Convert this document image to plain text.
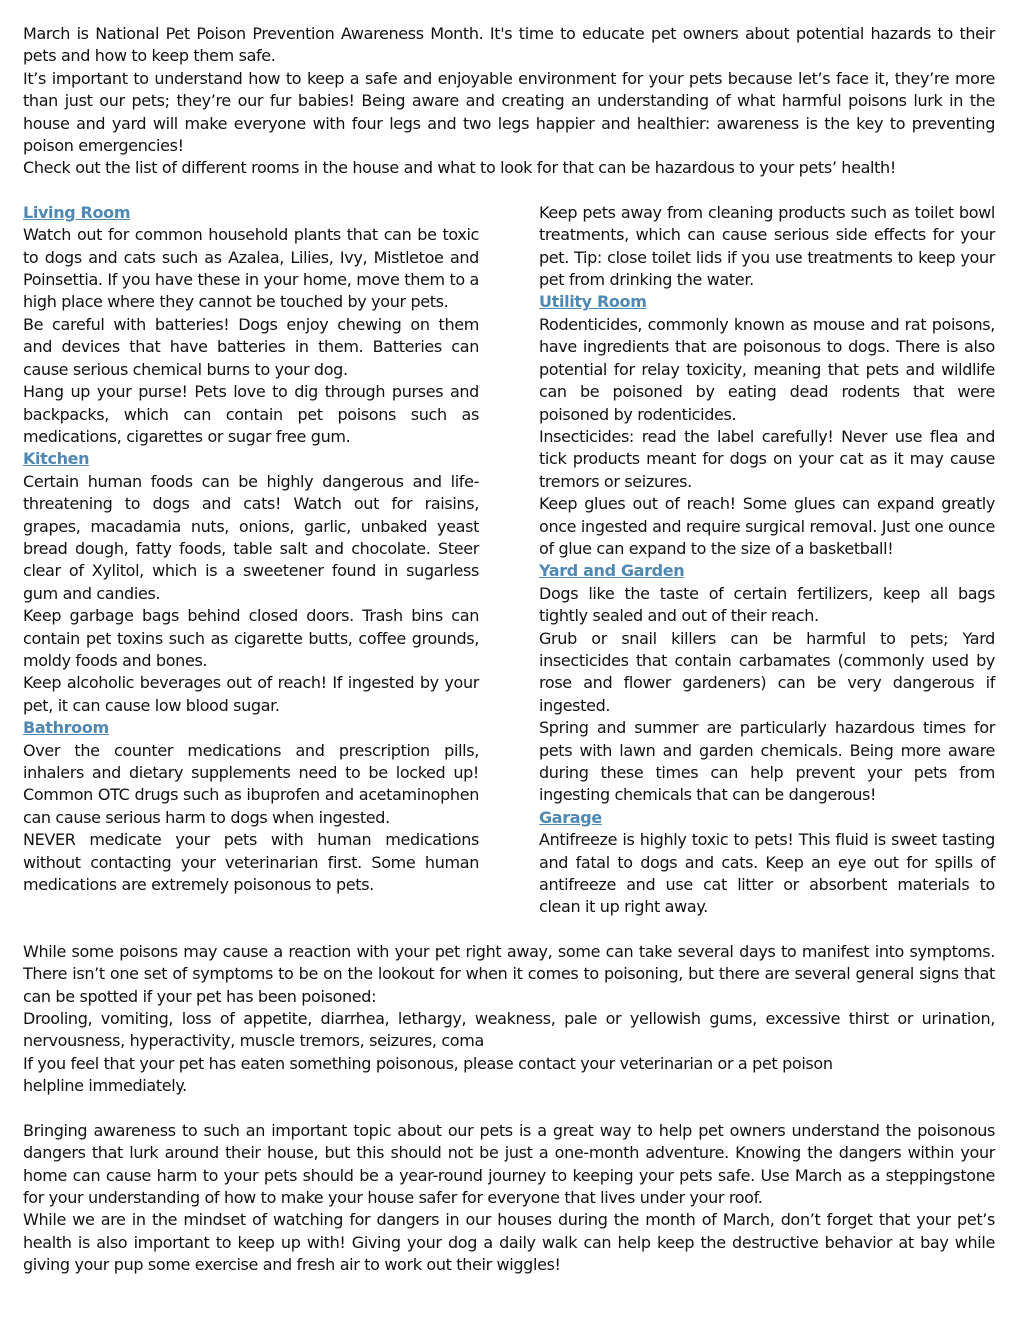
March is National Pet Poison Prevention Awareness Month. It's time to educate pet owners about potential hazards to their pets and how to keep them safe.

It’s important to understand how to keep a safe and enjoyable environment for your pets because let’s face it, they’re more than just our pets; they’re our fur babies! Being aware and creating an understanding of what harmful poisons lurk in the house and yard will make everyone with four legs and two legs happier and healthier: awareness is the key to preventing poison emergencies!

Check out the list of different rooms in the house and what to look for that can be hazardous to your pets’ health!

Living Room

Watch out for common household plants that can be toxic to dogs and cats such as Azalea, Lilies, Ivy, Mistletoe and Poinsettia. If you have these in your home, move them to a high place where they cannot be touched by your pets.

Be careful with batteries! Dogs enjoy chewing on them and devices that have batteries in them. Batteries can cause serious chemical burns to your dog.

Hang up your purse! Pets love to dig through purses and backpacks, which can contain pet poisons such as medications, cigarettes or sugar free gum.

Kitchen

Certain human foods can be highly dangerous and life-threatening to dogs and cats! Watch out for raisins, grapes, macadamia nuts, onions, garlic, unbaked yeast bread dough, fatty foods, table salt and chocolate. Steer clear of Xylitol, which is a sweetener found in sugarless gum and candies.

Keep garbage bags behind closed doors. Trash bins can contain pet toxins such as cigarette butts, coffee grounds, moldy foods and bones.

Keep alcoholic beverages out of reach! If ingested by your pet, it can cause low blood sugar.

Bathroom

Over the counter medications and prescription pills, inhalers and dietary supplements need to be locked up! Common OTC drugs such as ibuprofen and acetaminophen can cause serious harm to dogs when ingested.

NEVER medicate your pets with human medications without contacting your veterinarian first. Some human medications are extremely poisonous to pets.

Keep pets away from cleaning products such as toilet bowl treatments, which can cause serious side effects for your pet. Tip: close toilet lids if you use treatments to keep your pet from drinking the water.

Utility Room

Rodenticides, commonly known as mouse and rat poisons, have ingredients that are poisonous to dogs. There is also potential for relay toxicity, meaning that pets and wildlife can be poisoned by eating dead rodents that were poisoned by rodenticides.

Insecticides: read the label carefully! Never use flea and tick products meant for dogs on your cat as it may cause tremors or seizures.

Keep glues out of reach! Some glues can expand greatly once ingested and require surgical removal. Just one ounce of glue can expand to the size of a basketball!

Yard and Garden

Dogs like the taste of certain fertilizers, keep all bags tightly sealed and out of their reach.

Grub or snail killers can be harmful to pets; Yard insecticides that contain carbamates (commonly used by rose and flower gardeners) can be very dangerous if ingested.

Spring and summer are particularly hazardous times for pets with lawn and garden chemicals. Being more aware during these times can help prevent your pets from ingesting chemicals that can be dangerous!

Garage

Antifreeze is highly toxic to pets! This fluid is sweet tasting and fatal to dogs and cats. Keep an eye out for spills of antifreeze and use cat litter or absorbent materials to clean it up right away.

While some poisons may cause a reaction with your pet right away, some can take several days to manifest into symptoms. There isn’t one set of symptoms to be on the lookout for when it comes to poisoning, but there are several general signs that can be spotted if your pet has been poisoned:

Drooling, vomiting, loss of appetite, diarrhea, lethargy, weakness, pale or yellowish gums, excessive thirst or urination, nervousness, hyperactivity, muscle tremors, seizures, coma

If you feel that your pet has eaten something poisonous, please contact your veterinarian or a pet poison

helpline immediately.

Bringing awareness to such an important topic about our pets is a great way to help pet owners understand the poisonous dangers that lurk around their house, but this should not be just a one-month adventure. Knowing the dangers within your home can cause harm to your pets should be a year-round journey to keeping your pets safe. Use March as a steppingstone for your understanding of how to make your house safer for everyone that lives under your roof.

While we are in the mindset of watching for dangers in our houses during the month of March, don’t forget that your pet’s health is also important to keep up with! Giving your dog a daily walk can help keep the destructive behavior at bay while giving your pup some exercise and fresh air to work out their wiggles!
